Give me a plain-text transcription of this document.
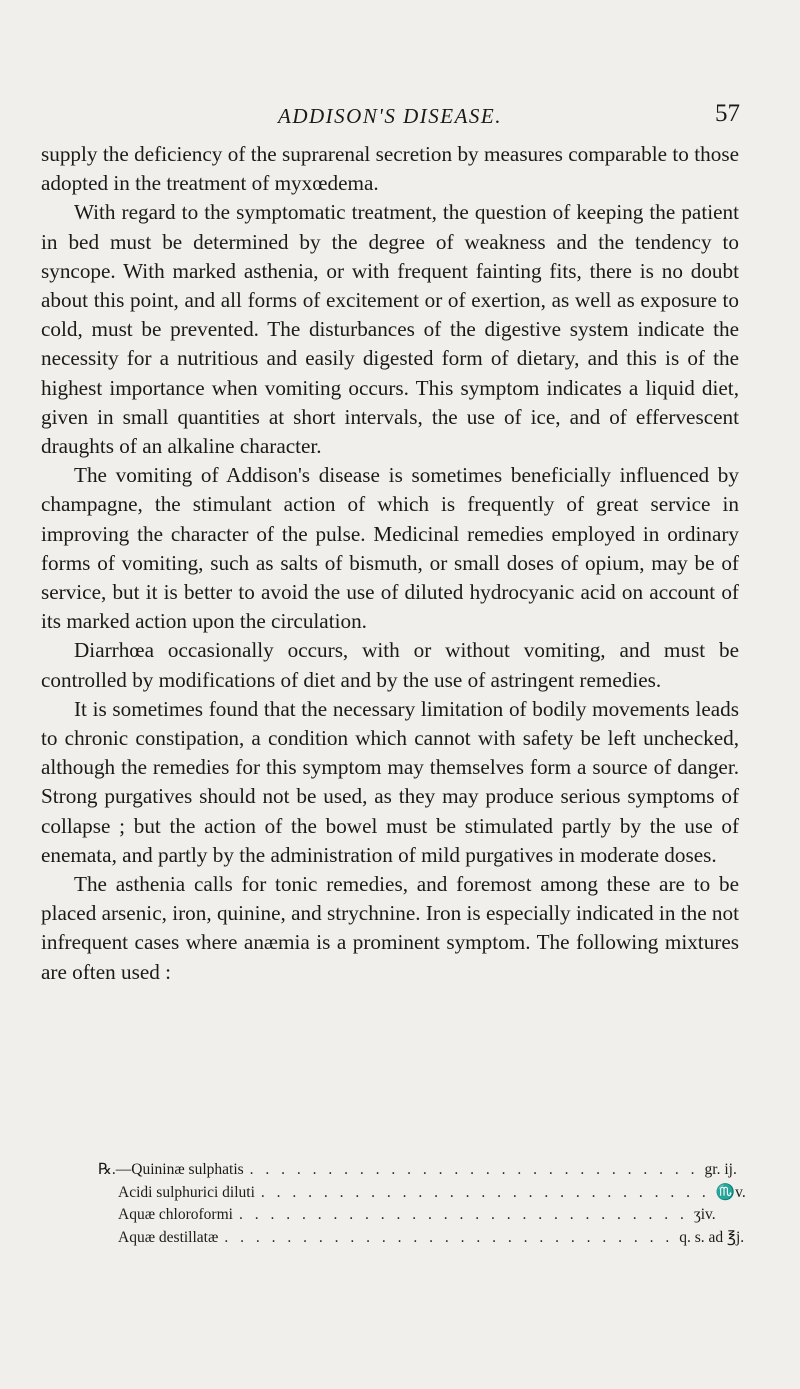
ADDISON'S DISEASE.	57

supply the deficiency of the suprarenal secretion by measures comparable to those adopted in the treatment of myxœdema.

With regard to the symptomatic treatment, the question of keeping the patient in bed must be determined by the degree of weakness and the tendency to syncope. With marked asthenia, or with frequent fainting fits, there is no doubt about this point, and all forms of excitement or of exertion, as well as exposure to cold, must be prevented. The disturbances of the digestive system indicate the necessity for a nutritious and easily digested form of dietary, and this is of the highest importance when vomiting occurs. This symptom indicates a liquid diet, given in small quantities at short intervals, the use of ice, and of effervescent draughts of an alkaline character.

The vomiting of Addison's disease is sometimes beneficially influenced by champagne, the stimulant action of which is frequently of great service in improving the character of the pulse. Medicinal remedies employed in ordinary forms of vomiting, such as salts of bismuth, or small doses of opium, may be of service, but it is better to avoid the use of diluted hydrocyanic acid on account of its marked action upon the circulation.

Diarrhœa occasionally occurs, with or without vomiting, and must be controlled by modifications of diet and by the use of astringent remedies.

It is sometimes found that the necessary limitation of bodily movements leads to chronic constipation, a condition which cannot with safety be left unchecked, although the remedies for this symptom may themselves form a source of danger. Strong purgatives should not be used, as they may produce serious symptoms of collapse ; but the action of the bowel must be stimulated partly by the use of enemata, and partly by the administration of mild purgatives in moderate doses.

The asthenia calls for tonic remedies, and foremost among these are to be placed arsenic, iron, quinine, and strychnine. Iron is especially indicated in the not infrequent cases where anæmia is a prominent symptom. The following mixtures are often used :

℞.—Quininæ sulphatis . . . . . . . . . . . . . . . . . . . . . . . . . . . . . gr. ij.
Acidi sulphurici diluti . . . . . . . . . . . . . . . . . . . . . . . . . . . . . ♏v.
Aquæ chloroformi . . . . . . . . . . . . . . . . . . . . . . . . . . . . . ʒiv.
Aquæ destillatæ . . . . . . . . . . . . . . . . . . . . . . . . . . . . . q. s. ad ℥j.
